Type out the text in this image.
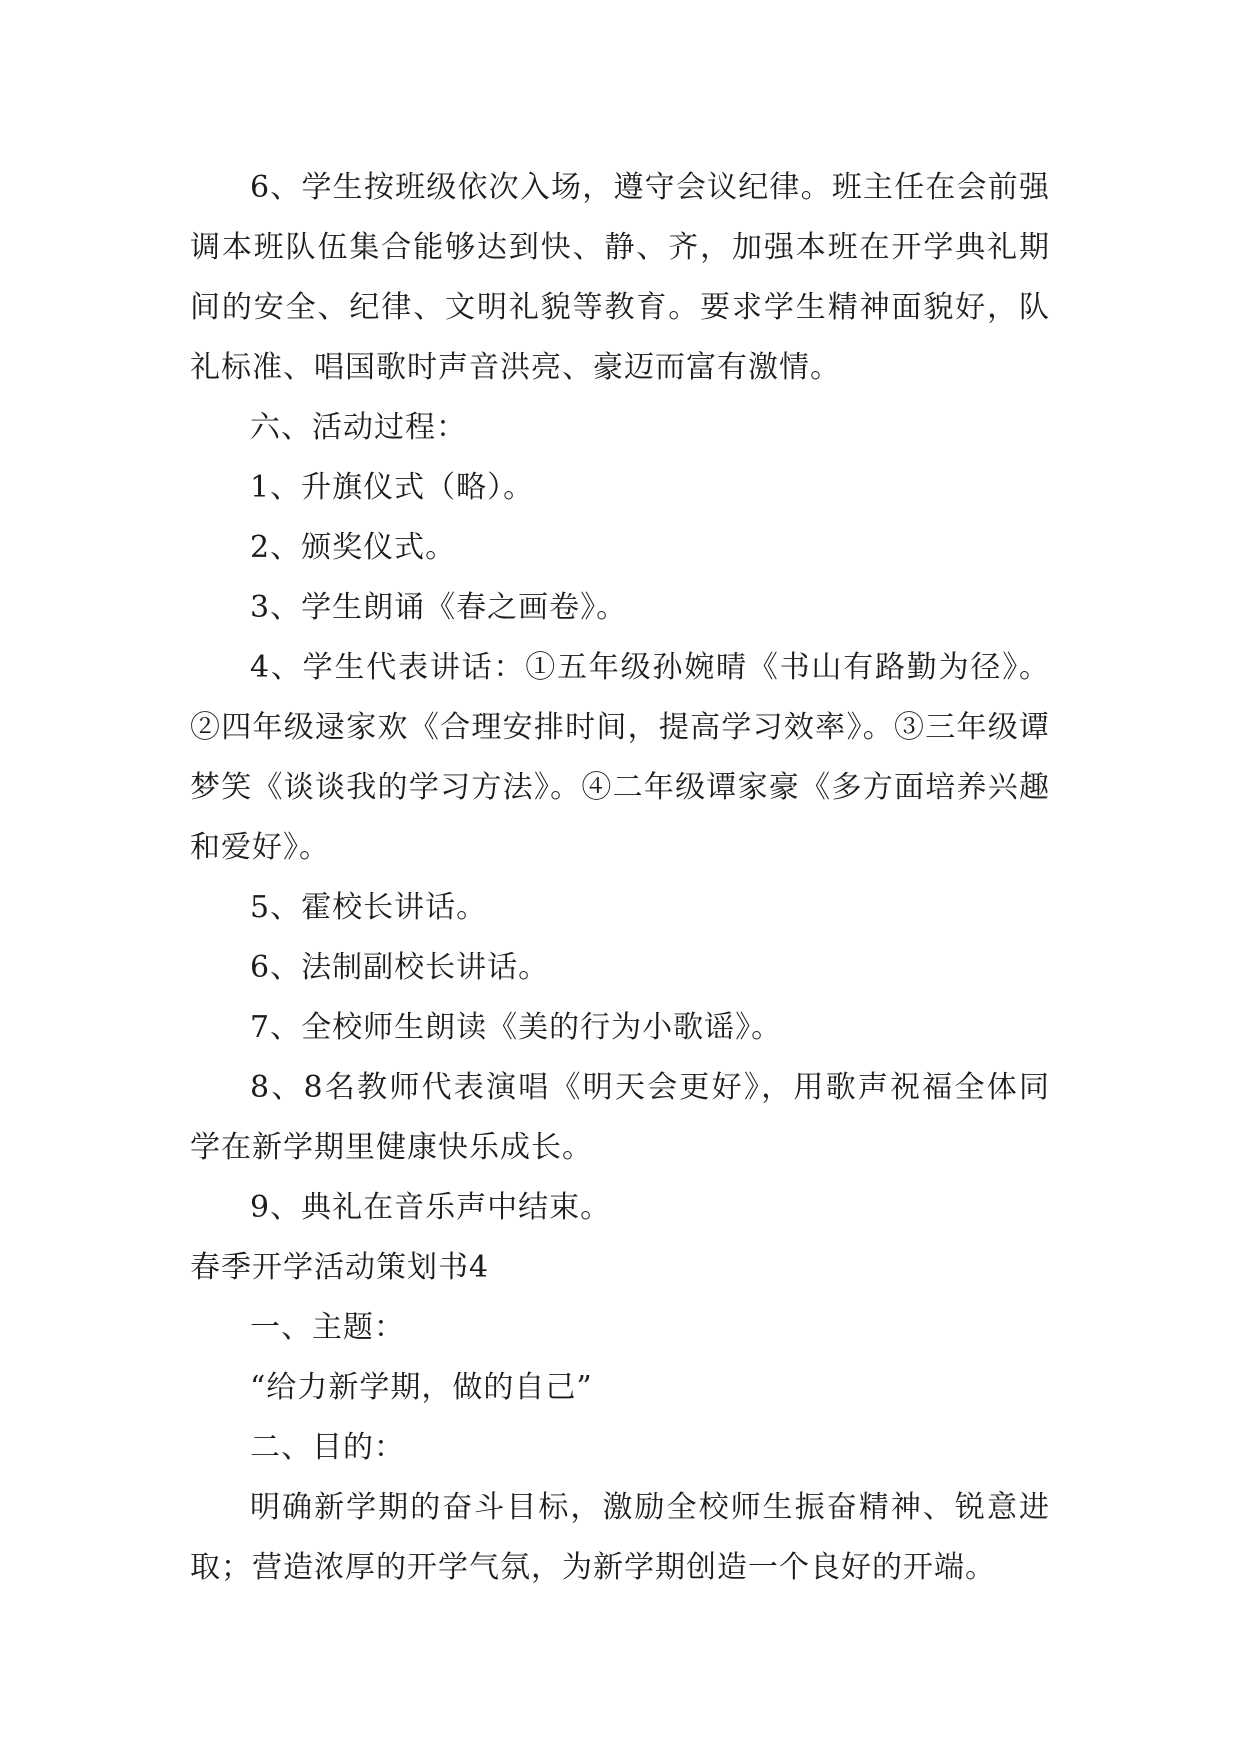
6、学生按班级依次入场，遵守会议纪律。班主任在会前强调本班队伍集合能够达到快、静、齐，加强本班在开学典礼期间的安全、纪律、文明礼貌等教育。要求学生精神面貌好，队礼标准、唱国歌时声音洪亮、豪迈而富有激情。

六、活动过程：

1、升旗仪式（略）。

2、颁奖仪式。

3、学生朗诵《春之画卷》。

4、学生代表讲话：①五年级孙婉晴《书山有路勤为径》。②四年级逯家欢《合理安排时间，提高学习效率》。③三年级谭梦笑《谈谈我的学习方法》。④二年级谭家豪《多方面培养兴趣和爱好》。

5、霍校长讲话。

6、法制副校长讲话。

7、全校师生朗读《美的行为小歌谣》。

8、8名教师代表演唱《明天会更好》，用歌声祝福全体同学在新学期里健康快乐成长。

9、典礼在音乐声中结束。

春季开学活动策划书4

一、主题：

“给力新学期，做的自己”

二、目的：

明确新学期的奋斗目标，激励全校师生振奋精神、锐意进取；营造浓厚的开学气氛，为新学期创造一个良好的开端。
